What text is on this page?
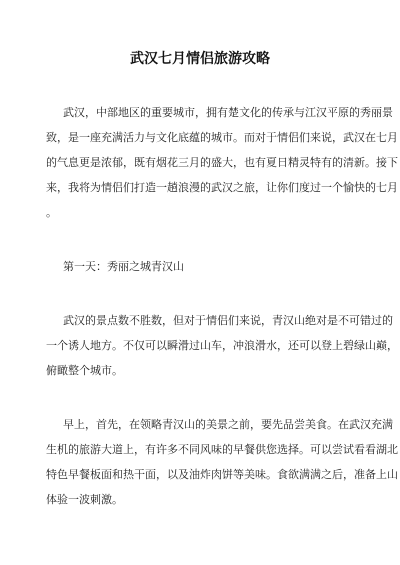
武汉七月情侣旅游攻略
武汉，中部地区的重要城市，拥有楚文化的传承与江汉平原的秀丽景
致，是一座充满活力与文化底蕴的城市。而对于情侣们来说，武汉在七月
的气息更是浓郁，既有烟花三月的盛大，也有夏日精灵特有的清新。接下
来，我将为情侣们打造一趟浪漫的武汉之旅，让你们度过一个愉快的七月
。
第一天：秀丽之城青汉山
武汉的景点数不胜数，但对于情侣们来说，青汉山绝对是不可错过的
一个诱人地方。不仅可以瞬滑过山车，冲浪滑水，还可以登上碧绿山巅，
俯瞰整个城市。
早上，首先，在领略青汉山的美景之前，要先品尝美食。在武汉充满
生机的旅游大道上，有许多不同风味的早餐供您选择。可以尝试看看湖北
特色早餐板面和热干面，以及油炸肉饼等美味。食欲满满之后，准备上山
体验一波刺激。
